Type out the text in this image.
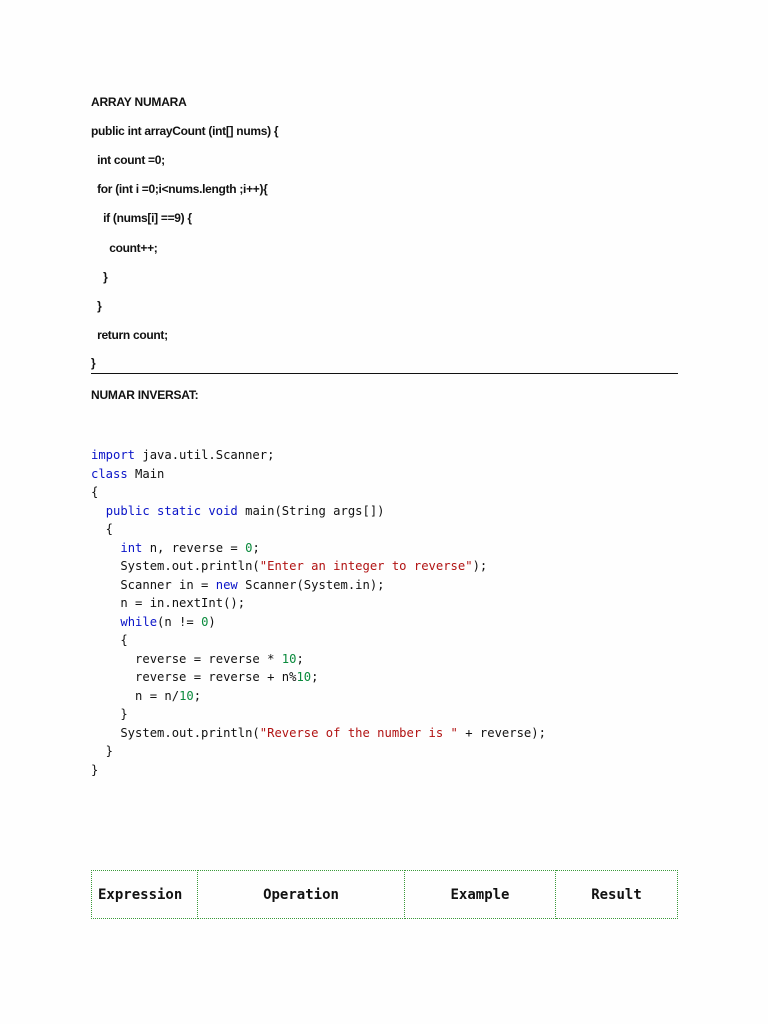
ARRAY NUMARA
public int arrayCount (int[] nums) {
int count =0;
for (int i =0;i<nums.length ;i++){
if (nums[i] ==9) {
count++;
}
}
return count;
}
NUMAR INVERSAT:
import java.util.Scanner;
class Main
{
public static void main(String args[])
{
int n, reverse = 0;
System.out.println("Enter an integer to reverse");
Scanner in = new Scanner(System.in);
n = in.nextInt();
while(n != 0)
{
reverse = reverse * 10;
reverse = reverse + n%10;
n = n/10;
}
System.out.println("Reverse of the number is " + reverse);
}
}
Expression	Operation	Example	Result
